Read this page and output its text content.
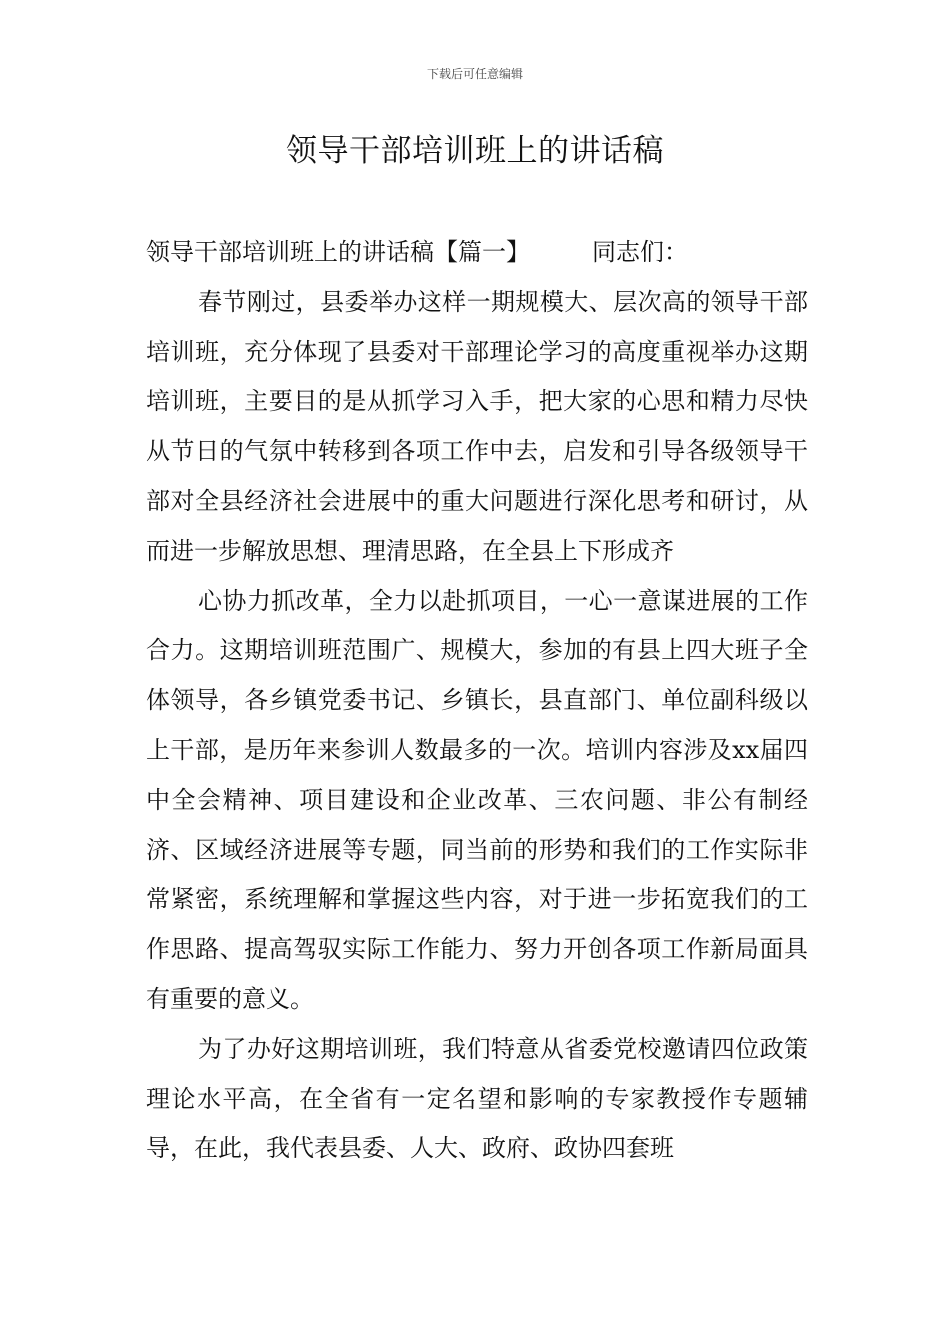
下载后可任意编辑
领导干部培训班上的讲话稿

领导干部培训班上的讲话稿【篇一】	同志们：

春节刚过，县委举办这样一期规模大、层次高的领导干部培训班，充分体现了县委对干部理论学习的高度重视举办这期培训班，主要目的是从抓学习入手，把大家的心思和精力尽快从节日的气氛中转移到各项工作中去，启发和引导各级领导干部对全县经济社会进展中的重大问题进行深化思考和研讨，从而进一步解放思想、理清思路，在全县上下形成齐

心协力抓改革，全力以赴抓项目，一心一意谋进展的工作合力。这期培训班范围广、规模大，参加的有县上四大班子全体领导，各乡镇党委书记、乡镇长，县直部门、单位副科级以上干部，是历年来参训人数最多的一次。培训内容涉及xx届四中全会精神、项目建设和企业改革、三农问题、非公有制经济、区域经济进展等专题，同当前的形势和我们的工作实际非常紧密，系统理解和掌握这些内容，对于进一步拓宽我们的工作思路、提高驾驭实际工作能力、努力开创各项工作新局面具有重要的意义。

为了办好这期培训班，我们特意从省委党校邀请四位政策理论水平高，在全省有一定名望和影响的专家教授作专题辅导，在此，我代表县委、人大、政府、政协四套班
